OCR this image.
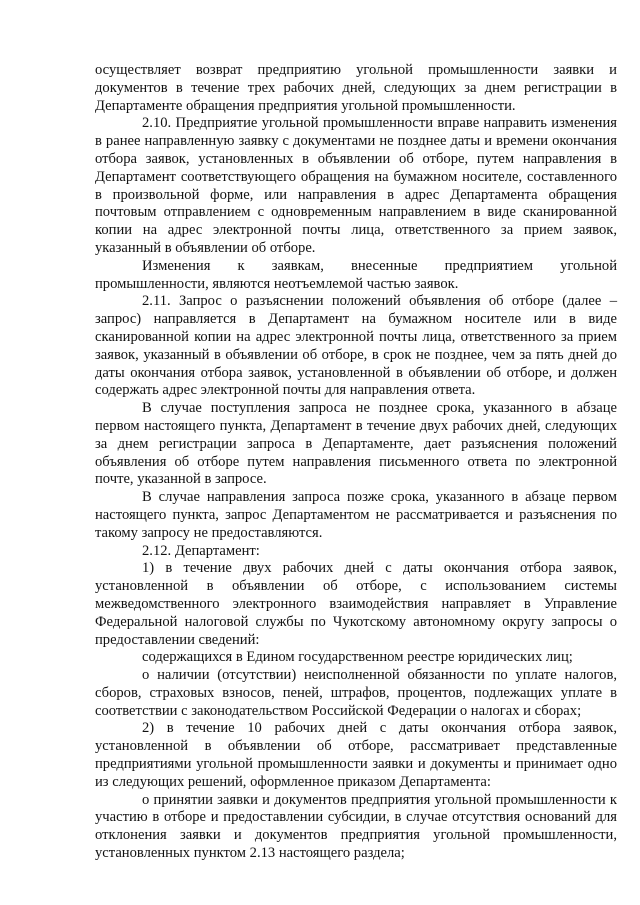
осуществляет возврат предприятию угольной промышленности заявки и документов в течение трех рабочих дней, следующих за днем регистрации в Департаменте обращения предприятия угольной промышленности.

2.10. Предприятие угольной промышленности вправе направить изменения в ранее направленную заявку с документами не позднее даты и времени окончания отбора заявок, установленных в объявлении об отборе, путем направления в Департамент соответствующего обращения на бумажном носителе, составленного в произвольной форме, или направления в адрес Департамента обращения почтовым отправлением с одновременным направлением в виде сканированной копии на адрес электронной почты лица, ответственного за прием заявок, указанный в объявлении об отборе.

Изменения к заявкам, внесенные предприятием угольной промышленности, являются неотъемлемой частью заявок.

2.11. Запрос о разъяснении положений объявления об отборе (далее – запрос) направляется в Департамент на бумажном носителе или в виде сканированной копии на адрес электронной почты лица, ответственного за прием заявок, указанный в объявлении об отборе, в срок не позднее, чем за пять дней до даты окончания отбора заявок, установленной в объявлении об отборе, и должен содержать адрес электронной почты для направления ответа.

В случае поступления запроса не позднее срока, указанного в абзаце первом настоящего пункта, Департамент в течение двух рабочих дней, следующих за днем регистрации запроса в Департаменте, дает разъяснения положений объявления об отборе путем направления письменного ответа по электронной почте, указанной в запросе.

В случае направления запроса позже срока, указанного в абзаце первом настоящего пункта, запрос Департаментом не рассматривается и разъяснения по такому запросу не предоставляются.

2.12. Департамент:

1) в течение двух рабочих дней с даты окончания отбора заявок, установленной в объявлении об отборе, с использованием системы межведомственного электронного взаимодействия направляет в Управление Федеральной налоговой службы по Чукотскому автономному округу запросы о предоставлении сведений:

содержащихся в Едином государственном реестре юридических лиц;

о наличии (отсутствии) неисполненной обязанности по уплате налогов, сборов, страховых взносов, пеней, штрафов, процентов, подлежащих уплате в соответствии с законодательством Российской Федерации о налогах и сборах;

2) в течение 10 рабочих дней с даты окончания отбора заявок, установленной в объявлении об отборе, рассматривает представленные предприятиями угольной промышленности заявки и документы и принимает одно из следующих решений, оформленное приказом Департамента:

о принятии заявки и документов предприятия угольной промышленности к участию в отборе и предоставлении субсидии, в случае отсутствия оснований для отклонения заявки и документов предприятия угольной промышленности, установленных пунктом 2.13 настоящего раздела;
